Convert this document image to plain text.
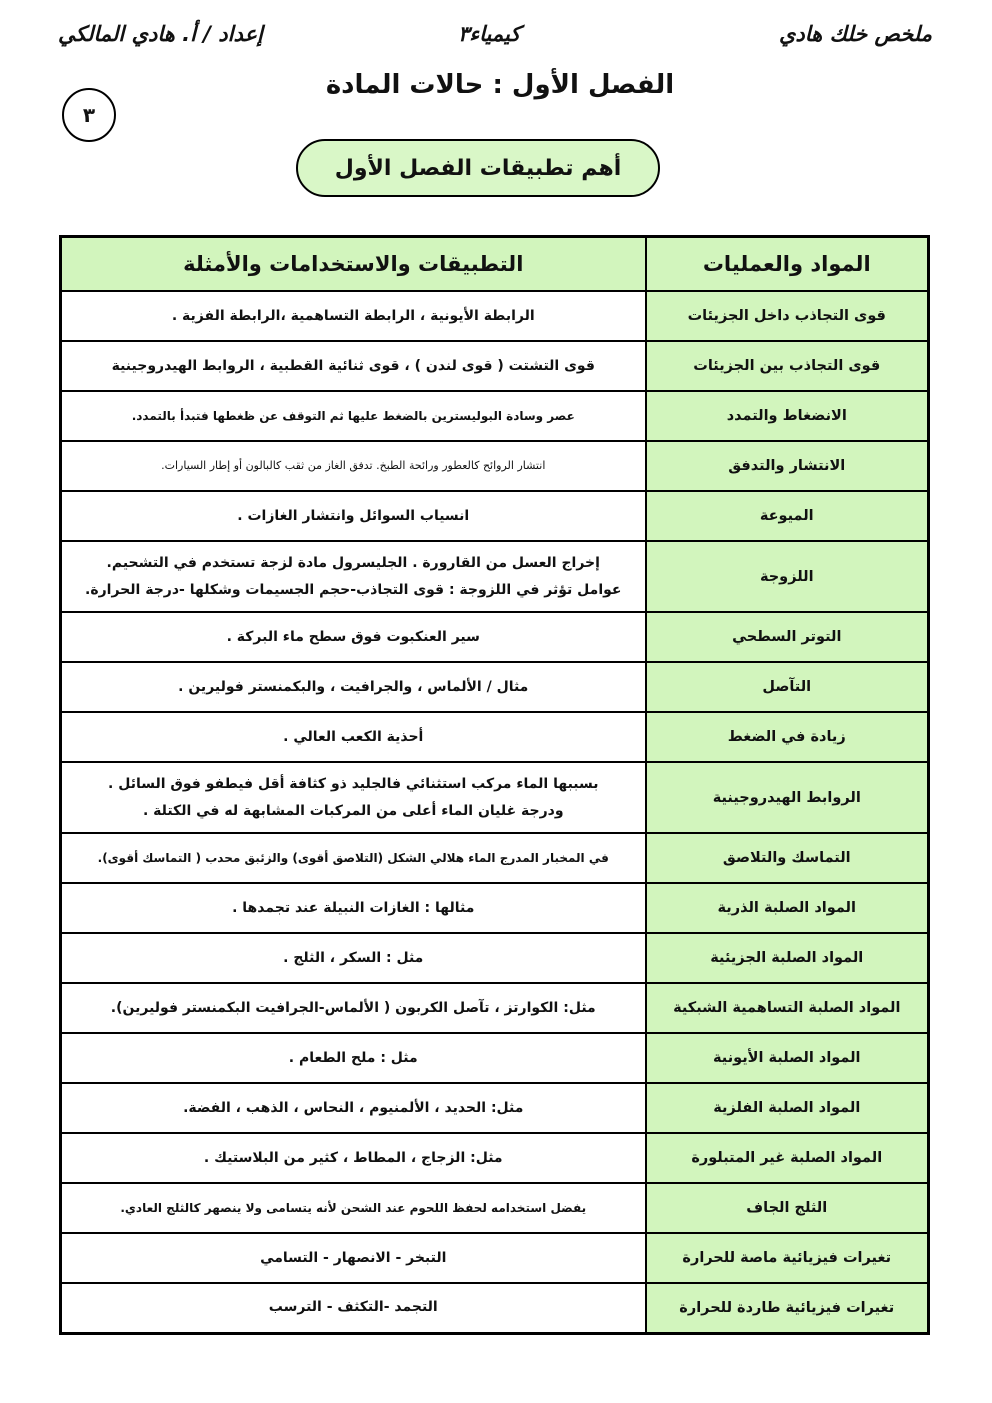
ملخص خلك هادي
كيمياء٣
إعداد / أ. هادي المالكي
٣
الفصل الأول : حالات المادة
أهم تطبيقات الفصل الأول
المواد والعمليات	التطبيقات والاستخدامات والأمثلة
قوى التجاذب داخل الجزيئات	الرابطة الأيونية ، الرابطة التساهمية ،الرابطة الفزية .

قوى التجاذب بين الجزيئات	قوى التشتت ( قوى لندن ) ، قوى ثنائية القطبية ، الروابط الهيدروجينية

الانضغاط والتمدد	عصر وسادة البوليسترين بالضغط عليها ثم التوقف عن ظغطها فتبدأ بالتمدد.

الانتشار والتدفق	انتشار الروائح كالعطور ورائحة الطبخ. تدفق الغاز من ثقب كالبالون أو إطار السيارات.

الميوعة	انسياب السوائل وانتشار الغازات .

اللزوجة	إخراج العسل من القارورة . الجليسرول مادة لزجة تستخدم في التشحيم.
عوامل تؤثر في اللزوجة : قوى التجاذب-حجم الجسيمات وشكلها -درجة الحرارة.

التوتر السطحي	سير العنكبوت فوق سطح ماء البركة .

التآصل	مثال / الألماس ، والجرافيت ، والبكمنستر فوليرين .

زيادة في الضغط	أحذية الكعب العالي .

الروابط الهيدروجينية	بسببها الماء مركب استثنائي فالجليد ذو كثافة أقل فيطفو فوق السائل .
ودرجة غليان الماء أعلى من المركبات المشابهة له في الكتلة .

التماسك والتلاصق	في المخبار المدرج الماء هلالي الشكل (التلاصق أقوى) والزئبق محدب ( التماسك أقوى).

المواد الصلبة الذرية	مثالها : الغازات النبيلة عند تجمدها .

المواد الصلبة الجزيئية	مثل : السكر ، الثلج .

المواد الصلبة التساهمية الشبكية	مثل: الكوارتز ، تآصل الكربون ( الألماس-الجرافيت البكمنستر فوليرين).

المواد الصلبة الأيونية	مثل : ملح الطعام .

المواد الصلبة الفلزية	مثل: الحديد ، الألمنيوم ، النحاس ، الذهب ، الفضة.

المواد الصلبة غير المتبلورة	مثل: الزجاج ، المطاط ، كثير من البلاستيك .

الثلج الجاف	يفضل استخدامه لحفظ اللحوم عند الشحن لأنه يتسامى ولا ينصهر كالثلج العادي.

تغيرات فيزيائية ماصة للحرارة	التبخر - الانصهار - التسامي

تغيرات فيزيائية طاردة للحرارة	التجمد -التكثف - الترسب
